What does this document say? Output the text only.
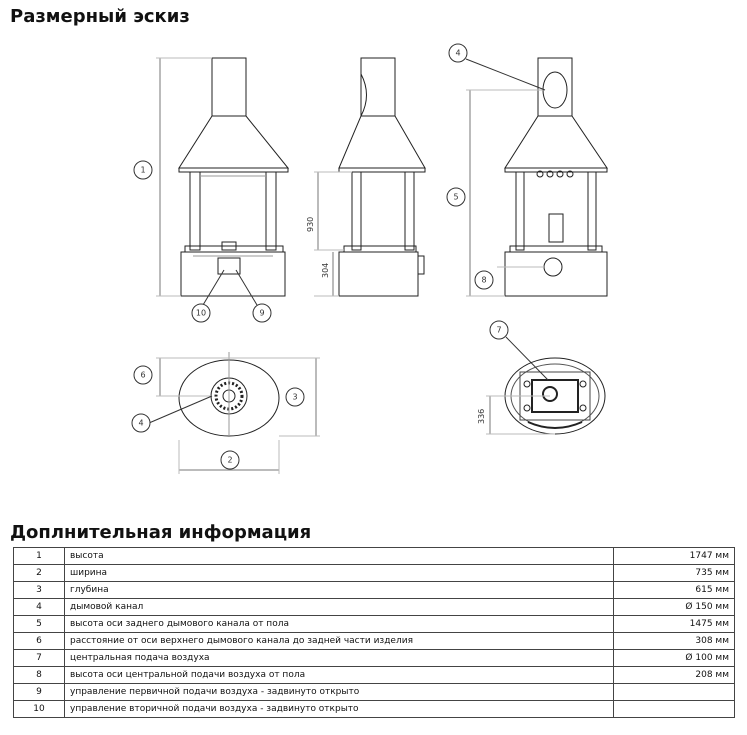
Размерный эскиз
1
2
3
4
4
5
6
7
8
9
10
930
304
336
Доплнительная информация
1	высота	1747 мм
2	ширина	735 мм
3	глубина	615 мм
4	дымовой канал	Ø 150 мм
5	высота оси заднего дымового канала от пола	1475 мм
6	расстояние от оси верхнего дымового канала до задней части изделия	308 мм
7	центральная подача воздуха	Ø 100 мм
8	высота оси центральной подачи воздуха от пола	208 мм
9	управление первичной подачи воздуха - задвинуто открыто	
10	управление вторичной подачи воздуха - задвинуто открыто	
